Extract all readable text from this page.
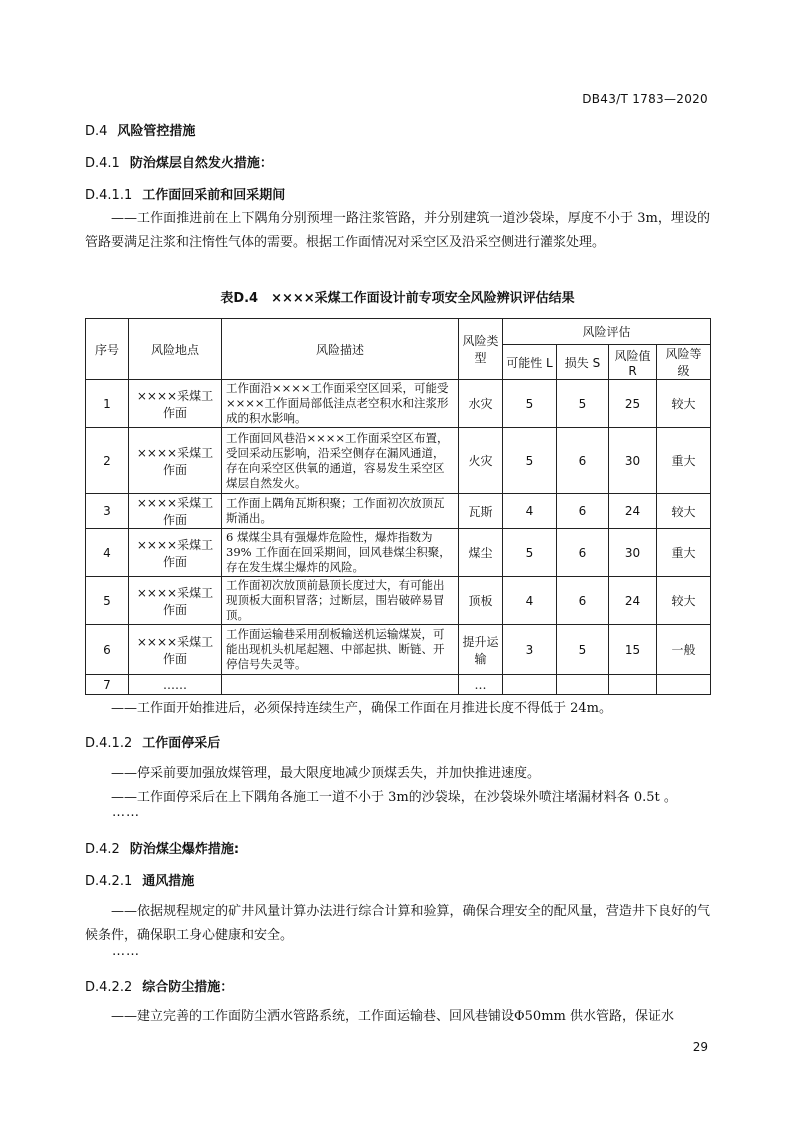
DB43/T 1783—2020
D.4 风险管控措施
D.4.1 防治煤层自然发火措施：
D.4.1.1 工作面回采前和回采期间
——工作面推进前在上下隅角分别预埋一路注浆管路，并分别建筑一道沙袋垛，厚度不小于 3m，埋设的管路要满足注浆和注惰性气体的需要。根据工作面情况对采空区及沿采空侧进行灌浆处理。
表D.4　××××采煤工作面设计前专项安全风险辨识评估结果
序号	风险地点	风险描述	风险类型	风险评估			
				可能性 L	损失 S	风险值 R	风险等级
1	××××采煤工作面	工作面沿××××工作面采空区回采，可能受××××工作面局部低洼点老空积水和注浆形成的积水影响。	水灾	5	5	25	较大
2	××××采煤工作面	工作面回风巷沿××××工作面采空区布置，受回采动压影响，沿采空侧存在漏风通道，存在向采空区供氧的通道，容易发生采空区煤层自然发火。	火灾	5	6	30	重大
3	××××采煤工作面	工作面上隅角瓦斯积聚；工作面初次放顶瓦斯涌出。	瓦斯	4	6	24	较大
4	××××采煤工作面	6 煤煤尘具有强爆炸危险性，爆炸指数为39% 工作面在回采期间，回风巷煤尘积聚，存在发生煤尘爆炸的风险。	煤尘	5	6	30	重大
5	××××采煤工作面	工作面初次放顶前悬顶长度过大，有可能出现顶板大面积冒落；过断层，围岩破碎易冒顶。	顶板	4	6	24	较大
6	××××采煤工作面	工作面运输巷采用刮板输送机运输煤炭，可能出现机头机尾起翘、中部起拱、断链、开停信号失灵等。	提升运输	3	5	15	一般
7	……		…				
——工作面开始推进后，必须保持连续生产，确保工作面在月推进长度不得低于 24m。
D.4.1.2 工作面停采后
——停采前要加强放煤管理，最大限度地减少顶煤丢失，并加快推进速度。
——工作面停采后在上下隅角各施工一道不小于 3m的沙袋垛，在沙袋垛外喷注堵漏材料各 0.5t 。
……
D.4.2 防治煤尘爆炸措施:
D.4.2.1 通风措施
——依据规程规定的矿井风量计算办法进行综合计算和验算，确保合理安全的配风量，营造井下良好的气候条件，确保职工身心健康和安全。
……
D.4.2.2 综合防尘措施：
——建立完善的工作面防尘洒水管路系统，工作面运输巷、回风巷铺设Φ50mm 供水管路，保证水
29
